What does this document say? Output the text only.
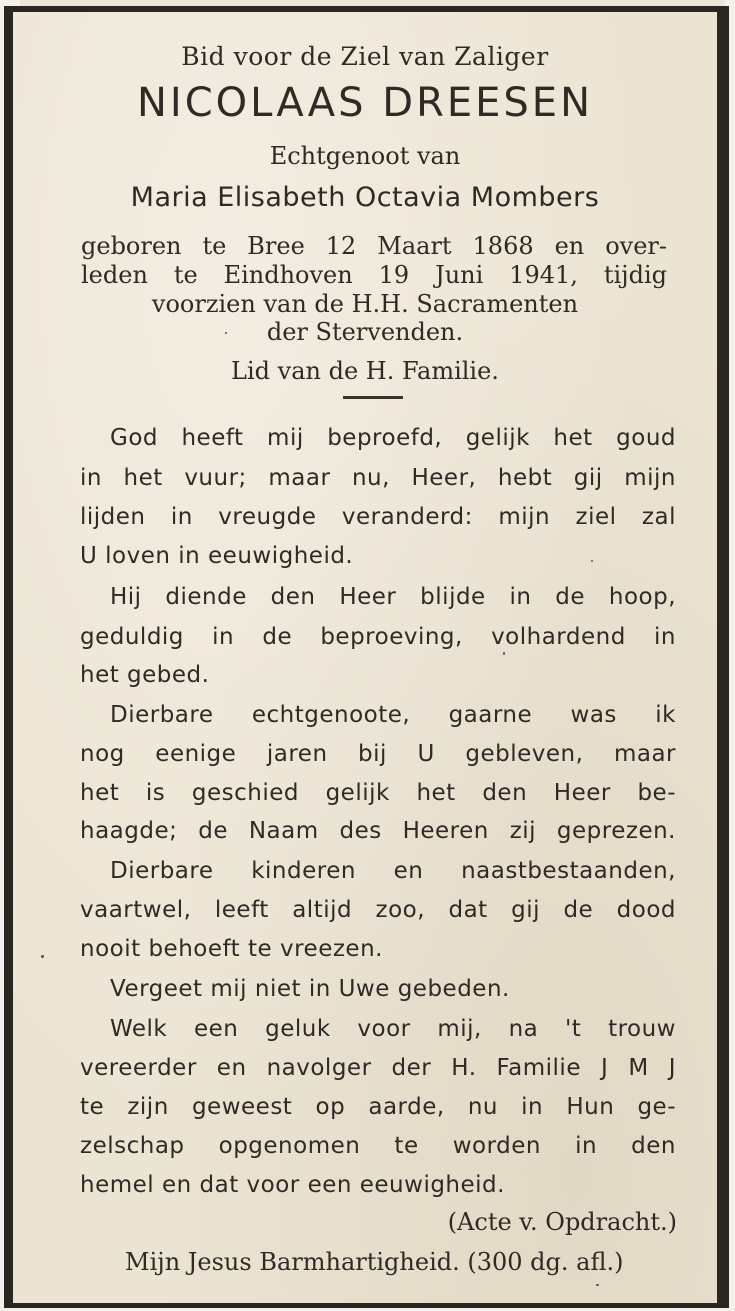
Bid voor de Ziel van Zaliger

NICOLAAS DREESEN

Echtgenoot van

Maria Elisabeth Octavia Mombers

geboren te Bree 12 Maart 1868 en over-

leden te Eindhoven 19 Juni 1941, tijdig

voorzien van de H.H. Sacramenten

der Stervenden.

Lid van de H. Familie.

God heeft mij beproefd, gelijk het goud

in het vuur; maar nu, Heer, hebt gij mijn

lijden in vreugde veranderd: mijn ziel zal

U loven in eeuwigheid.

Hij diende den Heer blijde in de hoop,

geduldig in de beproeving, volhardend in

het gebed.

Dierbare echtgenoote, gaarne was ik

nog eenige jaren bij U gebleven, maar

het is geschied gelijk het den Heer be-

haagde; de Naam des Heeren zij geprezen.

Dierbare kinderen en naastbestaanden,

vaartwel, leeft altijd zoo, dat gij de dood

nooit behoeft te vreezen.

Vergeet mij niet in Uwe gebeden.

Welk een geluk voor mij, na 't trouw

vereerder en navolger der H. Familie J M J

te zijn geweest op aarde, nu in Hun ge-

zelschap opgenomen te worden in den

hemel en dat voor een eeuwigheid.

(Acte v. Opdracht.)

Mijn Jesus Barmhartigheid. (300 dg. afl.)
